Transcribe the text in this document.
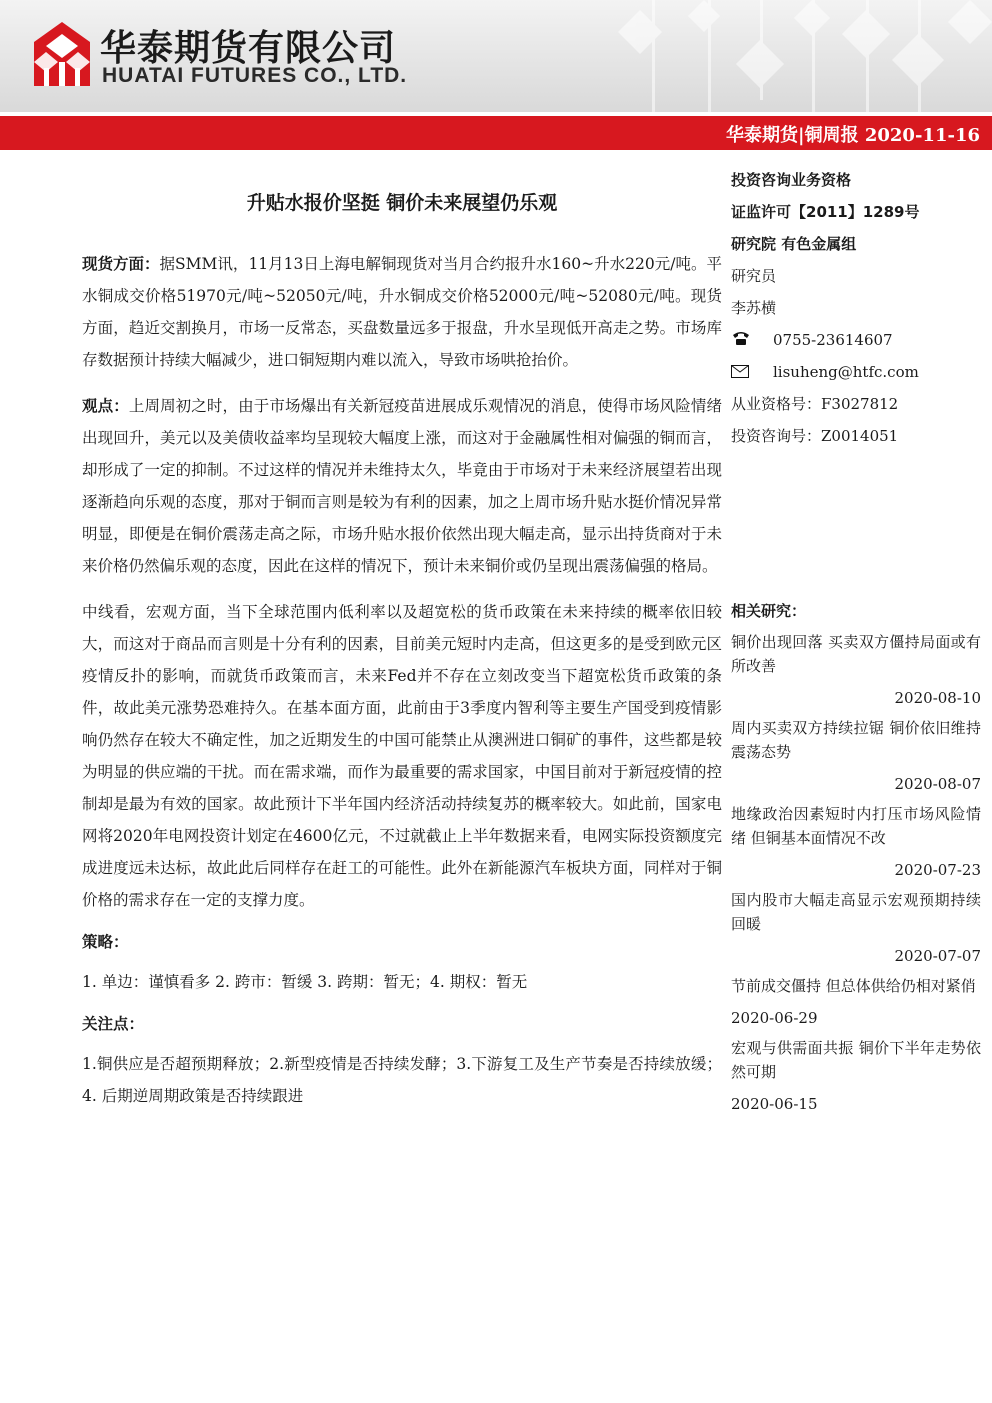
华泰期货有限公司
HUATAI FUTURES CO., LTD.
华泰期货|铜周报 2020-11-16
升贴水报价坚挺 铜价未来展望仍乐观

现货方面：据SMM讯，11月13日上海电解铜现货对当月合约报升水160~升水220元/吨。平水铜成交价格51970元/吨~52050元/吨，升水铜成交价格52000元/吨~52080元/吨。现货方面，趋近交割换月，市场一反常态，买盘数量远多于报盘，升水呈现低开高走之势。市场库存数据预计持续大幅减少，进口铜短期内难以流入，导致市场哄抢抬价。

观点：上周周初之时，由于市场爆出有关新冠疫苗进展成乐观情况的消息，使得市场风险情绪出现回升，美元以及美债收益率均呈现较大幅度上涨，而这对于金融属性相对偏强的铜而言，却形成了一定的抑制。不过这样的情况并未维持太久，毕竟由于市场对于未来经济展望若出现逐渐趋向乐观的态度，那对于铜而言则是较为有利的因素，加之上周市场升贴水挺价情况异常明显，即便是在铜价震荡走高之际，市场升贴水报价依然出现大幅走高，显示出持货商对于未来价格仍然偏乐观的态度，因此在这样的情况下，预计未来铜价或仍呈现出震荡偏强的格局。

中线看，宏观方面，当下全球范围内低利率以及超宽松的货币政策在未来持续的概率依旧较大，而这对于商品而言则是十分有利的因素，目前美元短时内走高，但这更多的是受到欧元区疫情反扑的影响，而就货币政策而言，未来Fed并不存在立刻改变当下超宽松货币政策的条件，故此美元涨势恐难持久。在基本面方面，此前由于3季度内智利等主要生产国受到疫情影响仍然存在较大不确定性，加之近期发生的中国可能禁止从澳洲进口铜矿的事件，这些都是较为明显的供应端的干扰。而在需求端，而作为最重要的需求国家，中国目前对于新冠疫情的控制却是最为有效的国家。故此预计下半年国内经济活动持续复苏的概率较大。如此前，国家电网将2020年电网投资计划定在4600亿元，不过就截止上半年数据来看，电网实际投资额度完成进度远未达标，故此此后同样存在赶工的可能性。此外在新能源汽车板块方面，同样对于铜价格的需求存在一定的支撑力度。

策略：

1. 单边：谨慎看多 2. 跨市：暂缓 3. 跨期：暂无；4. 期权：暂无

关注点：

1.铜供应是否超预期释放；2.新型疫情是否持续发酵；3.下游复工及生产节奏是否持续放缓；4. 后期逆周期政策是否持续跟进

投资咨询业务资格
证监许可【2011】1289号
研究院 有色金属组
研究员
李苏横
0755-23614607
lisuheng@htfc.com
从业资格号：F3027812
投资咨询号：Z0014051
相关研究：
铜价出现回落 买卖双方僵持局面或有所改善
2020-08-10
周内买卖双方持续拉锯 铜价依旧维持震荡态势
2020-08-07
地缘政治因素短时内打压市场风险情绪 但铜基本面情况不改
2020-07-23
国内股市大幅走高显示宏观预期持续回暖
2020-07-07
节前成交僵持 但总体供给仍相对紧俏
2020-06-29
宏观与供需面共振 铜价下半年走势依然可期
2020-06-15
